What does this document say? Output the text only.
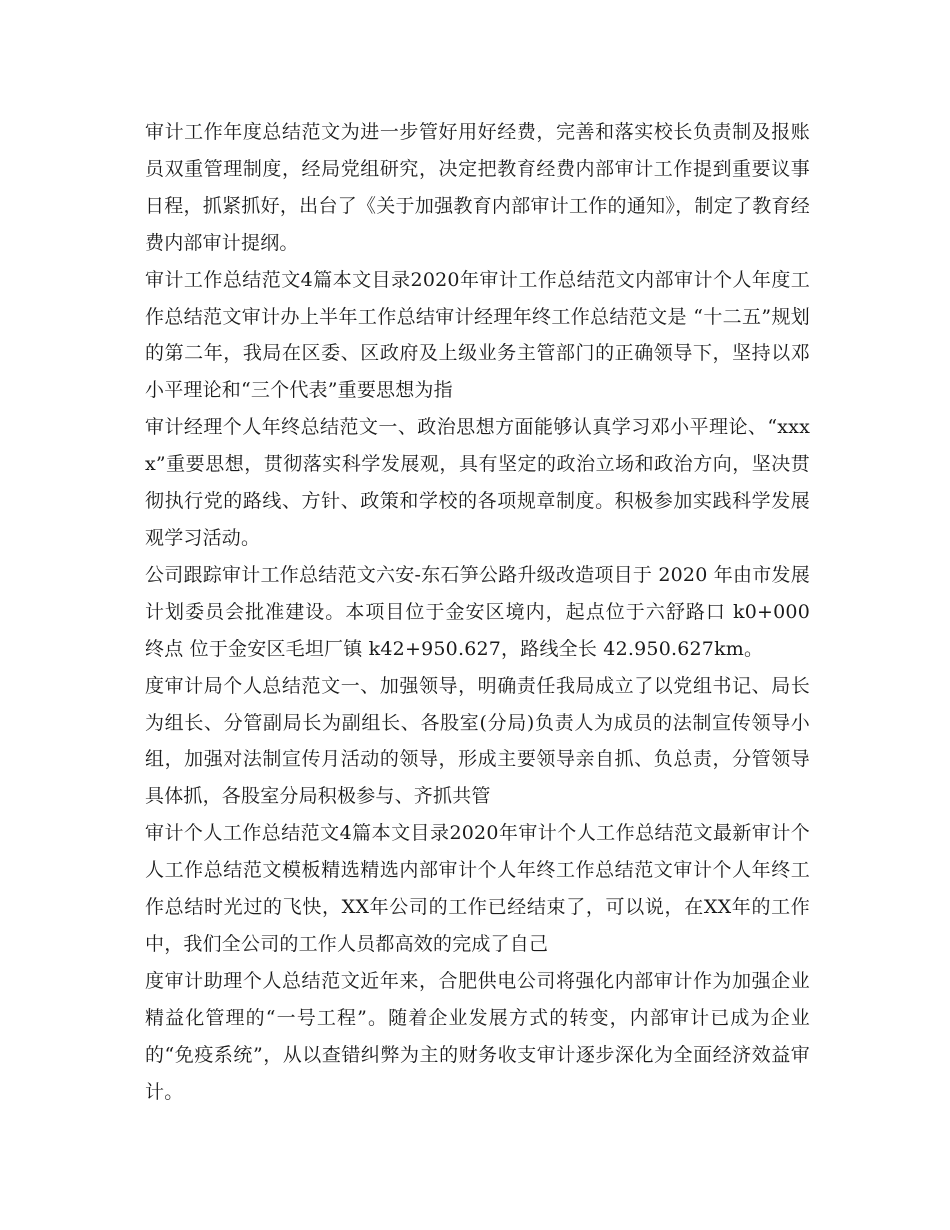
审计工作年度总结范文为进一步管好用好经费，完善和落实校长负责制及报账员双重管理制度，经局党组研究，决定把教育经费内部审计工作提到重要议事日程，抓紧抓好，出台了《关于加强教育内部审计工作的通知》，制定了教育经费内部审计提纲。

审计工作总结范文4篇本文目录2020年审计工作总结范文内部审计个人年度工作总结范文审计办上半年工作总结审计经理年终工作总结范文是 “十二五”规划的第二年，我局在区委、区政府及上级业务主管部门的正确领导下，坚持以邓小平理论和“三个代表”重要思想为指

审计经理个人年终总结范文一、政治思想方面能够认真学习邓小平理论、“xxxx”重要思想，贯彻落实科学发展观，具有坚定的政治立场和政治方向，坚决贯彻执行党的路线、方针、政策和学校的各项规章制度。积极参加实践科学发展观学习活动。

公司跟踪审计工作总结范文六安-东石笋公路升级改造项目于 2020 年由市发展计划委员会批准建设。本项目位于金安区境内，起点位于六舒路口 k0+000 终点 位于金安区毛坦厂镇 k42+950.627，路线全长 42.950.627km。

度审计局个人总结范文一、加强领导，明确责任我局成立了以党组书记、局长为组长、分管副局长为副组长、各股室(分局)负责人为成员的法制宣传领导小组，加强对法制宣传月活动的领导，形成主要领导亲自抓、负总责，分管领导具体抓，各股室分局积极参与、齐抓共管

审计个人工作总结范文4篇本文目录2020年审计个人工作总结范文最新审计个人工作总结范文模板精选精选内部审计个人年终工作总结范文审计个人年终工作总结时光过的飞快，XX年公司的工作已经结束了，可以说，在XX年的工作中，我们全公司的工作人员都高效的完成了自己

度审计助理个人总结范文近年来，合肥供电公司将强化内部审计作为加强企业精益化管理的“一号工程”。随着企业发展方式的转变，内部审计已成为企业的“免疫系统”，从以查错纠弊为主的财务收支审计逐步深化为全面经济效益审计。
